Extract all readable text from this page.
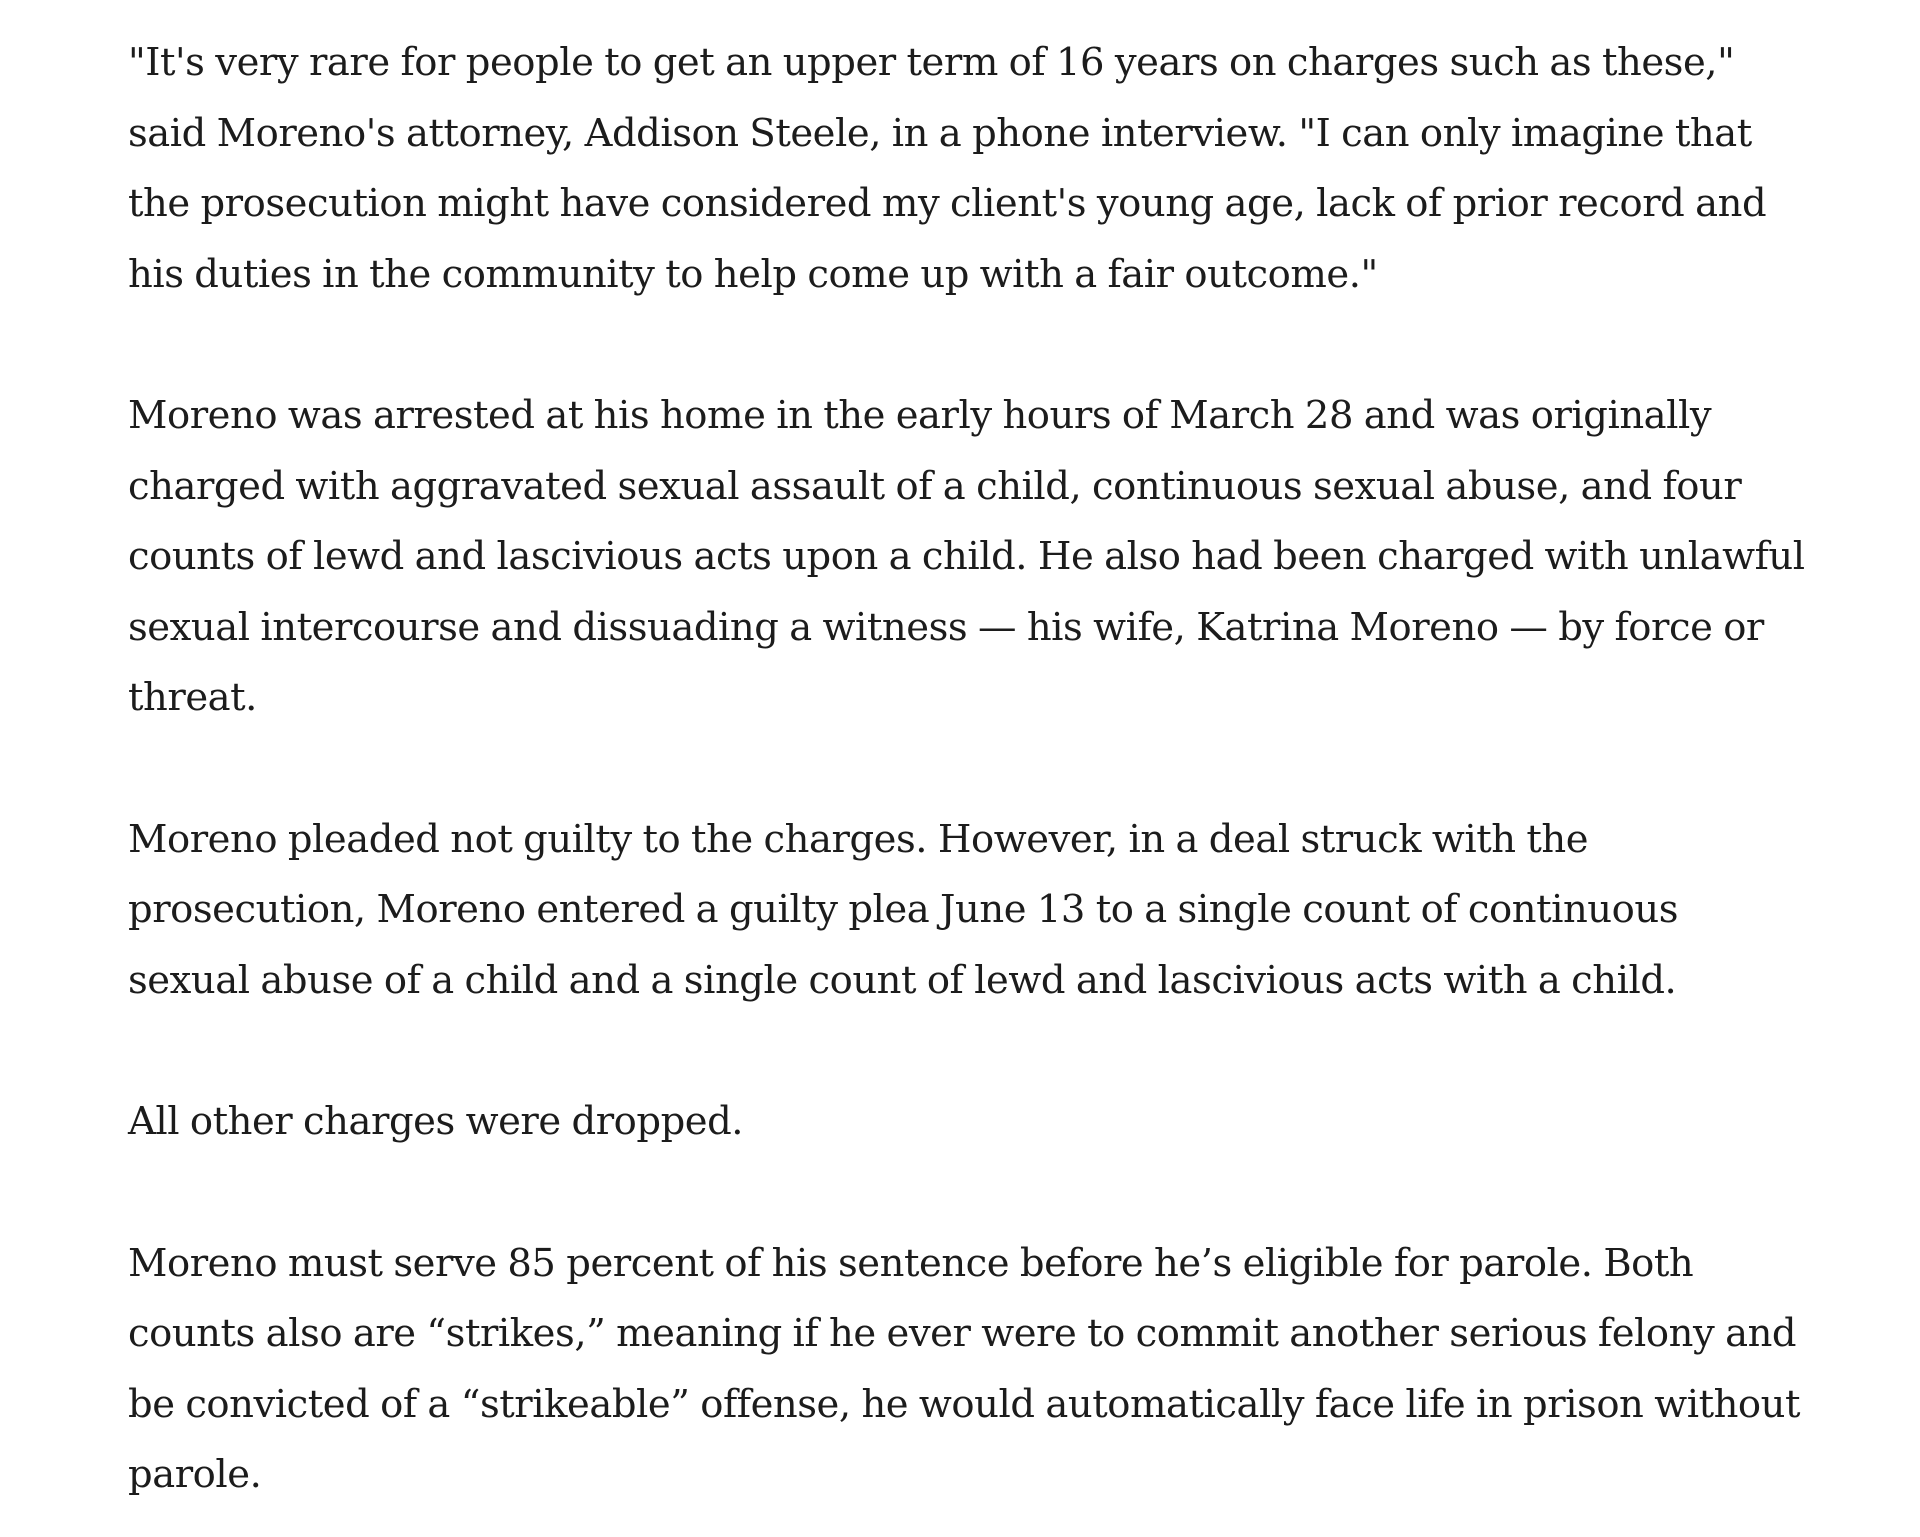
"It's very rare for people to get an upper term of 16 years on charges such as these," said Moreno's attorney, Addison Steele, in a phone interview. "I can only imagine that the prosecution might have considered my client's young age, lack of prior record and his duties in the community to help come up with a fair outcome."

Moreno was arrested at his home in the early hours of March 28 and was originally charged with aggravated sexual assault of a child, continuous sexual abuse, and four counts of lewd and lascivious acts upon a child. He also had been charged with unlawful sexual intercourse and dissuading a witness — his wife, Katrina Moreno — by force or threat.

Moreno pleaded not guilty to the charges. However, in a deal struck with the prosecution, Moreno entered a guilty plea June 13 to a single count of continuous sexual abuse of a child and a single count of lewd and lascivious acts with a child.

All other charges were dropped.

Moreno must serve 85 percent of his sentence before he’s eligible for parole. Both counts also are “strikes,” meaning if he ever were to commit another serious felony and be convicted of a “strikeable” offense, he would automatically face life in prison without parole.
